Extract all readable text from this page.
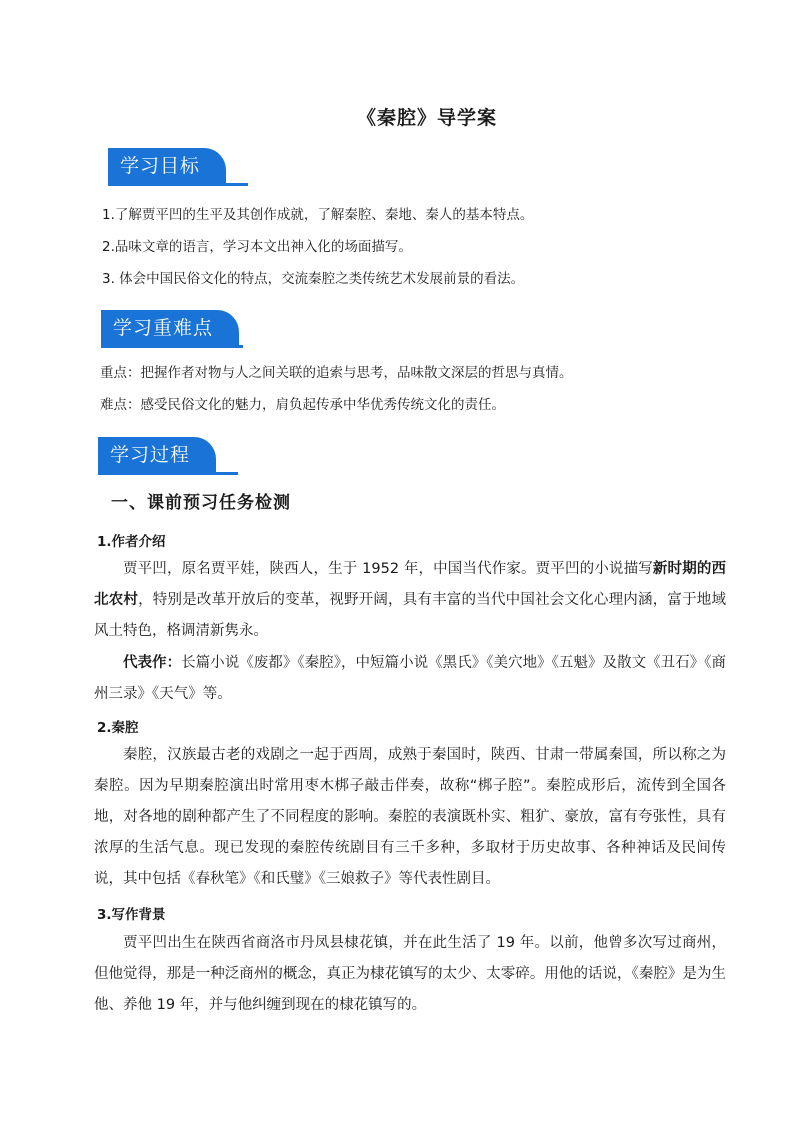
《秦腔》导学案
学习目标
1.了解贾平凹的生平及其创作成就，了解秦腔、秦地、秦人的基本特点。
2.品味文章的语言，学习本文出神入化的场面描写。
3. 体会中国民俗文化的特点，交流秦腔之类传统艺术发展前景的看法。
学习重难点
重点：把握作者对物与人之间关联的追索与思考，品味散文深层的哲思与真情。
难点：感受民俗文化的魅力，肩负起传承中华优秀传统文化的责任。
学习过程
一、课前预习任务检测
1.作者介绍
贾平凹，原名贾平娃，陕西人，生于 1952 年，中国当代作家。贾平凹的小说描写新时期的西北农村，特别是改革开放后的变革，视野开阔，具有丰富的当代中国社会文化心理内涵，富于地域风土特色，格调清新隽永。
代表作：长篇小说《废都》《秦腔》，中短篇小说《黑氏》《美穴地》《五魁》及散文《丑石》《商州三录》《天气》等。
2.秦腔
秦腔，汉族最古老的戏剧之一起于西周，成熟于秦国时，陕西、甘肃一带属秦国，所以称之为秦腔。因为早期秦腔演出时常用枣木梆子敲击伴奏，故称“梆子腔”。秦腔成形后，流传到全国各地，对各地的剧种都产生了不同程度的影响。秦腔的表演既朴实、粗犷、豪放，富有夸张性，具有浓厚的生活气息。现已发现的秦腔传统剧目有三千多种，多取材于历史故事、各种神话及民间传说，其中包括《春秋笔》《和氏璧》《三娘救子》等代表性剧目。
3.写作背景
贾平凹出生在陕西省商洛市丹凤县棣花镇，并在此生活了 19 年。以前，他曾多次写过商州，但他觉得，那是一种泛商州的概念，真正为棣花镇写的太少、太零碎。用他的话说，《秦腔》是为生他、养他 19 年，并与他纠缠到现在的棣花镇写的。
